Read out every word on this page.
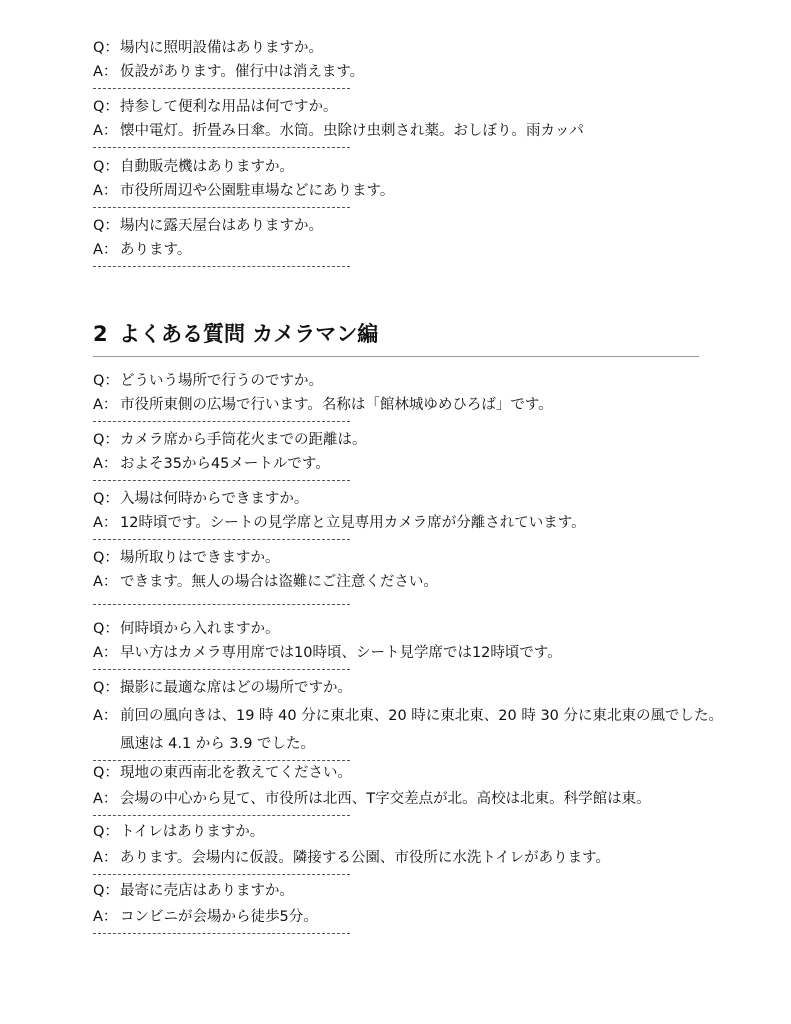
Q：場内に照明設備はありますか。
A： 仮設があります。催行中は消えます。
Q：持参して便利な用品は何ですか。
A： 懐中電灯。折畳み日傘。水筒。虫除け虫刺され薬。おしぼり。雨カッパ
Q：自動販売機はありますか。
A： 市役所周辺や公園駐車場などにあります。
Q：場内に露天屋台はありますか。
A： あります。
2 よくある質問 カメラマン編
Q：どういう場所で行うのですか。
A： 市役所東側の広場で行います。名称は「館林城ゆめひろば」です。
Q：カメラ席から手筒花火までの距離は。
A： およそ35から45メートルです。
Q：入場は何時からできますか。
A： 12時頃です。シートの見学席と立見専用カメラ席が分離されています。
Q：場所取りはできますか。
A： できます。無人の場合は盗難にご注意ください。
Q：何時頃から入れますか。
A： 早い方はカメラ専用席では10時頃、シート見学席では12時頃です。
Q：撮影に最適な席はどの場所ですか。
A： 前回の風向きは、19 時 40 分に東北東、20 時に東北東、20 時 30 分に東北東の風でした。
風速は 4.1 から 3.9 でした。
Q：現地の東西南北を教えてください。
A： 会場の中心から見て、市役所は北西、T字交差点が北。高校は北東。科学館は東。
Q：トイレはありますか。
A： あります。会場内に仮設。隣接する公園、市役所に水洗トイレがあります。
Q：最寄に売店はありますか。
A： コンビニが会場から徒歩5分。
